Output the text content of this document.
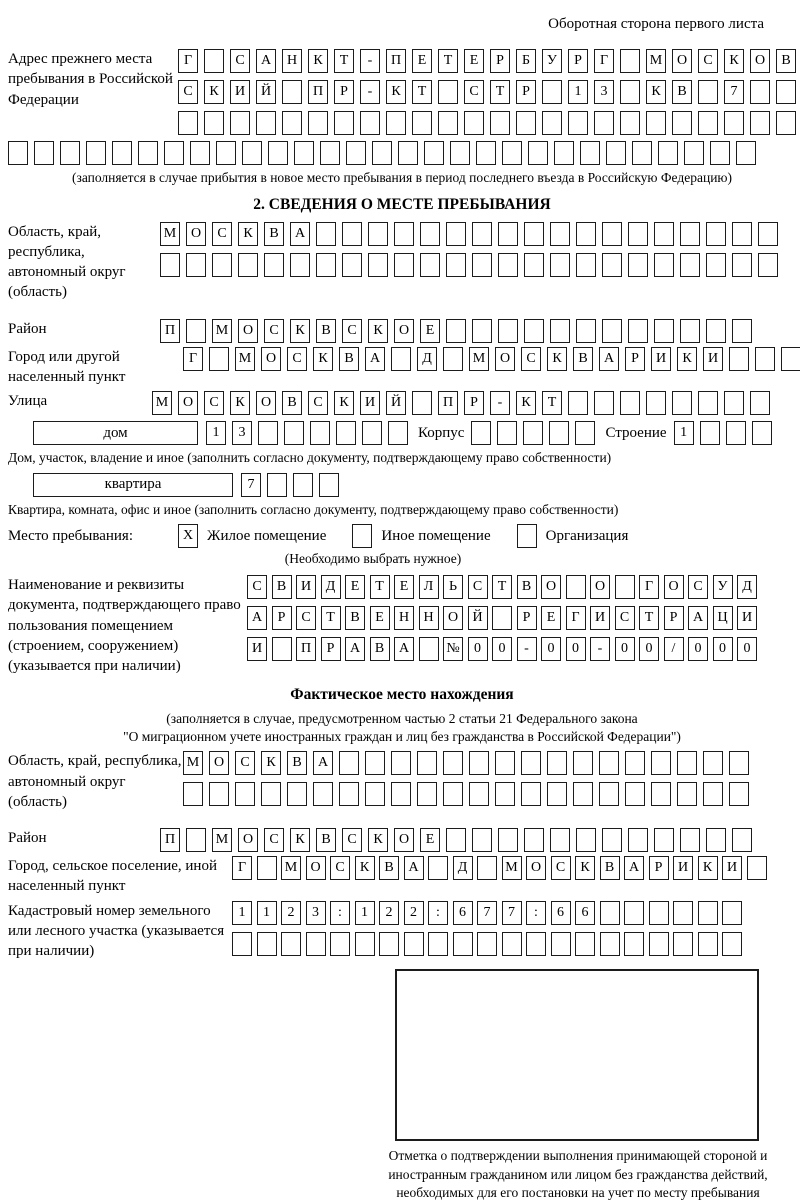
Оборотная сторона первого листа
Адрес прежнего места пребывания в Российской Федерации
Г	С	А	Н	К	Т	-	П	Е	Т	Е	Р	Б	У	Р	Г	М	О	С	К	О	В
С	К	И	Й	П	Р	-	К	Т	С	Т	Р	1	3	К	В	7
(заполняется в случае прибытия в новое место пребывания в период последнего въезда в Российскую Федерацию)
2. СВЕДЕНИЯ О МЕСТЕ ПРЕБЫВАНИЯ
Область, край, республика, автономный округ (область)
М	О	С	К	В	А
Район	П	М	О	С	К	В	С	К	О	Е
Город или другой населенный пункт
Г	М	О	С	К	В	А	Д	М	О	С	К	В	А	Р	И	К	И
Улица	М	О	С	К	О	В	С	К	И	Й	П	Р	-	К	Т
дом	1	3	Корпус	Строение 1
Дом, участок, владение и иное (заполнить согласно документу, подтверждающему право собственности)
квартира	7
Квартира, комната, офис и иное (заполнить согласно документу, подтверждающему право собственности)
Место пребывания:	X Жилое помещение	Иное помещение	Организация
(Необходимо выбрать нужное)
Наименование и реквизиты документа, подтверждающего право пользования помещением (строением, сооружением) (указывается при наличии)
С	В	И	Д	Е	Т	Е	Л	Ь	С	Т	В	О	О	Г	О	С	У	Д
А	Р	С	Т	В	Е	Н	Н	О	Й	Р	Е	Г	И	С	Т	Р	А	Ц	И
И	П	Р	А	В	А	№	0	0	-	0	0	-	0	0	/	0	0	0
Фактическое место нахождения
(заполняется в случае, предусмотренном частью 2 статьи 21 Федерального закона
"О миграционном учете иностранных граждан и лиц без гражданства в Российской Федерации")
Область, край, республика, автономный округ (область)
М	О	С	К	В	А
Район	П	М	О	С	К	В	С	К	О	Е
Город, сельское поселение, иной населенный пункт
Г	М О	С	К	В	А	Д	М О	С	К	В	А	Р	И	К	И
Кадастровый номер земельного или лесного участка (указывается при наличии)
1	1	2	3	:	1	2	2	:	6	7	7	:	6	6
Отметка о подтверждении выполнения принимающей стороной и иностранным гражданином или лицом без гражданства действий, необходимых для его постановки на учет по месту пребывания
